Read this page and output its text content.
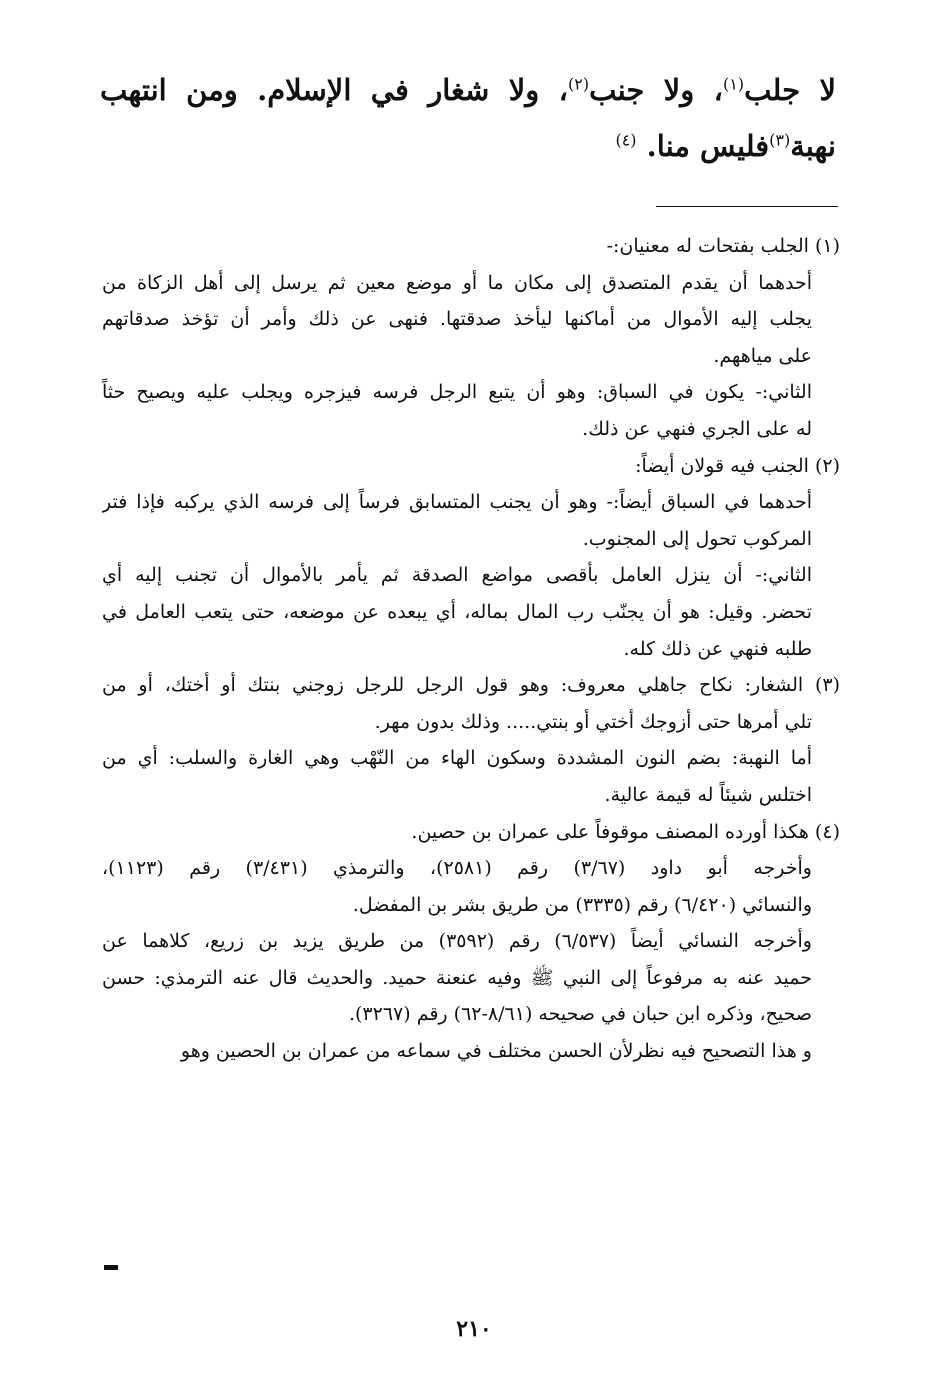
لا جلب$^{(١)}$، ولا جنب$^{(٢)}$، ولا شغار في الإسلام. ومن انتهب
نهبة$^{(٣)}$فليس منا. $^{(٤)}$
(١) الجلب بفتحات له معنيان:-
أحدهما أن يقدم المتصدق إلى مكان ما أو موضع معين ثم يرسل إلى أهل الزكاة من
يجلب إليه الأموال من أماكنها ليأخذ صدقتها. فنهى عن ذلك وأمر أن تؤخذ صدقاتهم
على مياههم.
الثاني:- يكون في السباق: وهو أن يتبع الرجل فرسه فيزجره ويجلب عليه ويصيح حثاً
له على الجري فنهي عن ذلك.
(٢) الجنب فيه قولان أيضاً:
أحدهما في السباق أيضاً:- وهو أن يجنب المتسابق فرساً إلى فرسه الذي يركبه فإذا فتر
المركوب تحول إلى المجنوب.
الثاني:- أن ينزل العامل بأقصى مواضع الصدقة ثم يأمر بالأموال أن تجنب إليه أي
تحضر. وقيل: هو أن يجنّب رب المال بماله، أي يبعده عن موضعه، حتى يتعب العامل في
طلبه فنهي عن ذلك كله.
(٣) الشغار: نكاح جاهلي معروف: وهو قول الرجل للرجل زوجني بنتك أو أختك، أو من
تلي أمرها حتى أزوجك أختي أو بنتي..... وذلك بدون مهر.
أما النهبة: بضم النون المشددة وسكون الهاء من النّهْب وهي الغارة والسلب: أي من
اختلس شيئاً له قيمة عالية.
(٤) هكذا أورده المصنف موقوفاً على عمران بن حصين.
وأخرجه أبو داود (٣/٦٧) رقم (٢٥٨١)، والترمذي (٣/٤٣١) رقم (١١٢٣)،
والنسائي (٦/٤٢٠) رقم (٣٣٣٥) من طريق بشر بن المفضل.
وأخرجه النسائي أيضاً (٦/٥٣٧) رقم (٣٥٩٢) من طريق يزيد بن زريع، كلاهما عن
حميد عنه به مرفوعاً إلى النبي ﷺ وفيه عنعنة حميد. والحديث قال عنه الترمذي: حسن
صحيح، وذكره ابن حبان في صحيحه (٨/٦١-٦٢) رقم (٣٢٦٧).
و هذا التصحيح فيه نظرلأن الحسن مختلف في سماعه من عمران بن الحصين وهو
٢١٠
